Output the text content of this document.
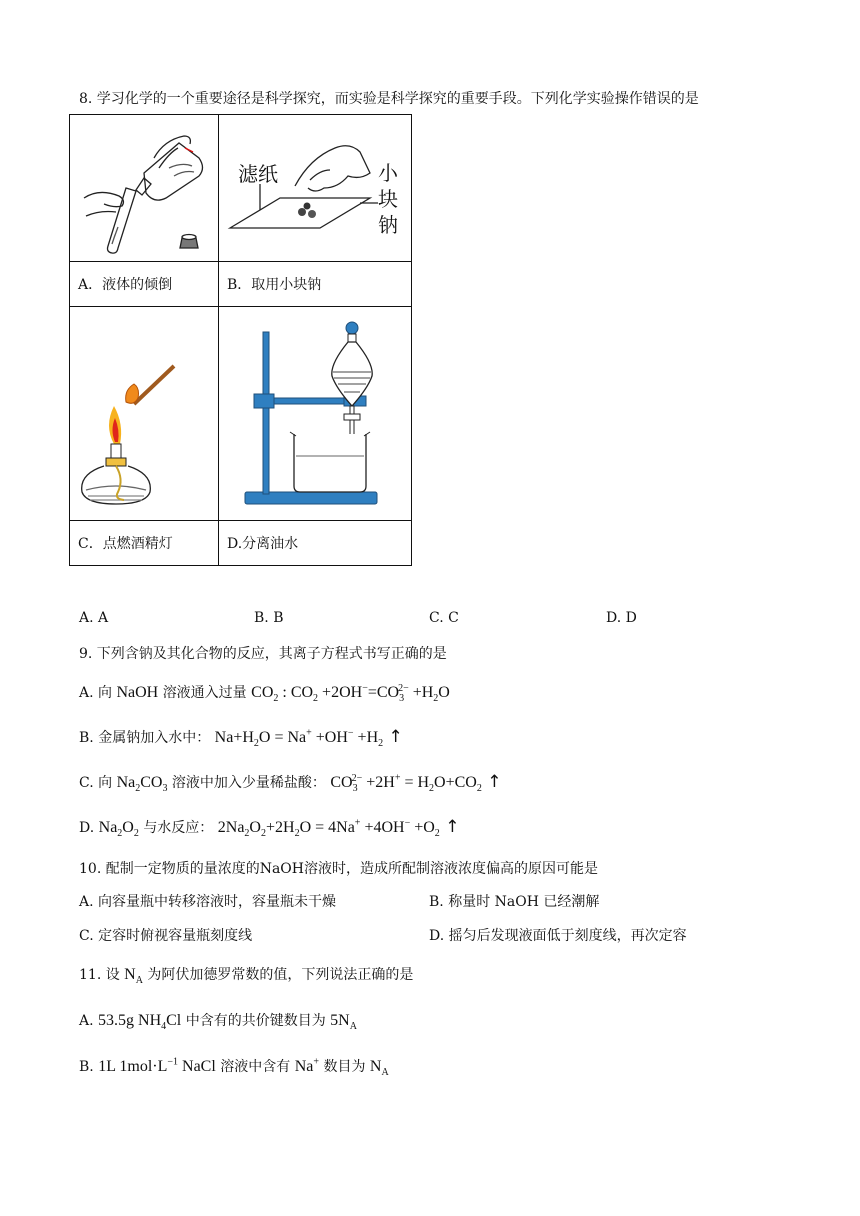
8. 学习化学的一个重要途径是科学探究，而实验是科学探究的重要手段。下列化学实验操作错误的是

滤纸 小
块
钠

A．液体的倾倒	B．取用小块钠

C．点燃酒精灯	D.分离油水
A. A	B. B	C. C	D. D
9. 下列含钠及其化合物的反应，其离子方程式书写正确的是
A. 向 NaOH 溶液通入过量 $CO_2$ : $CO_2 +2OH^-=CO_3^{2-} +H_2O$
B. 金属钠加入水中： $Na+H_2O = Na^+ +OH^- +H_2$ ↑
C. 向 $Na_2CO_3$ 溶液中加入少量稀盐酸： $CO_3^{2-} +2H^+ = H_2O+CO_2$ ↑
D. $Na_2O_2$ 与水反应： $2Na_2O_2+2H_2O = 4Na^+ +4OH^- +O_2$ ↑
10. 配制一定物质的量浓度的NaOH溶液时，造成所配制溶液浓度偏高的原因可能是
A. 向容量瓶中转移溶液时，容量瓶未干燥	B. 称量时 NaOH 已经潮解
C. 定容时俯视容量瓶刻度线	D. 摇匀后发现液面低于刻度线，再次定容
11. 设 $N_A$ 为阿伏加德罗常数的值，下列说法正确的是
A. 53.5g $NH_4Cl$ 中含有的共价键数目为 $5N_A$
B. 1L $1mol\cdot L^{-1}$ NaCl 溶液中含有 Na+ 数目为 $N_A$
